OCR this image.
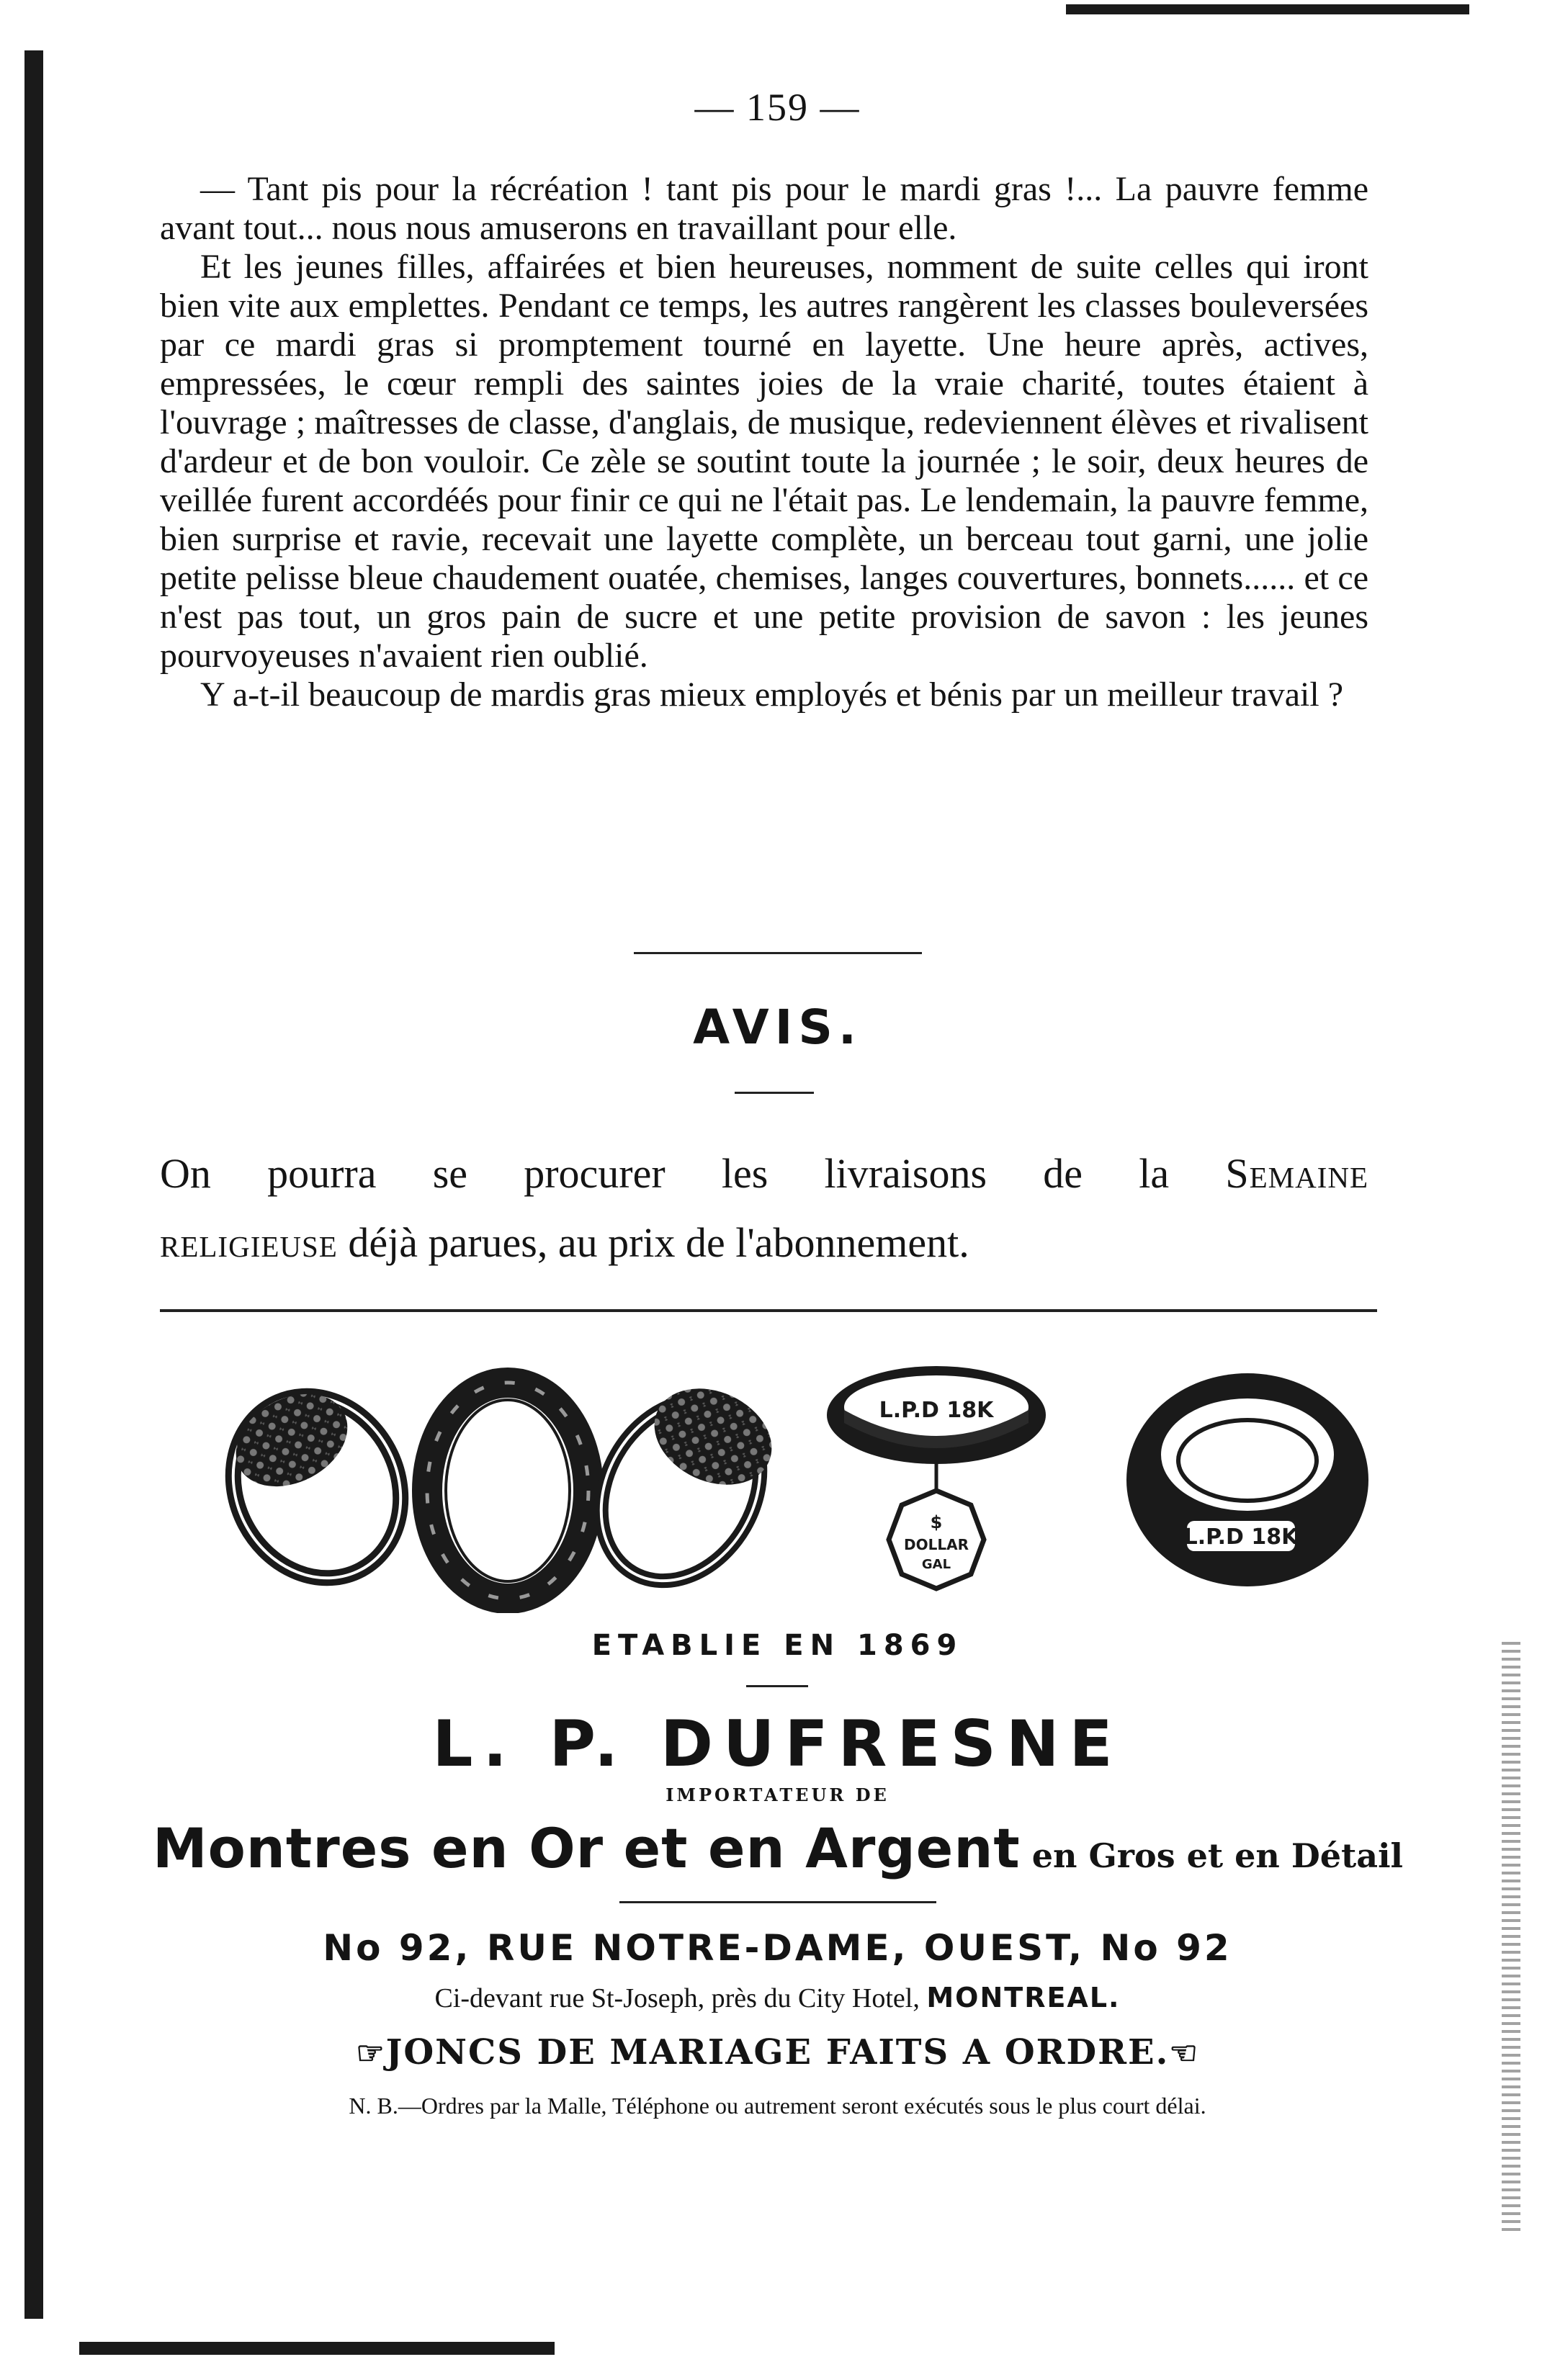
— 159 —

— Tant pis pour la récréation ! tant pis pour le mardi gras !... La pauvre femme avant tout... nous nous amuserons en travaillant pour elle.

Et les jeunes filles, affairées et bien heureuses, nomment de suite celles qui iront bien vite aux emplettes. Pendant ce temps, les autres rangèrent les classes bouleversées par ce mardi gras si promptement tourné en layette. Une heure après, actives, empressées, le cœur rempli des saintes joies de la vraie charité, toutes étaient à l'ouvrage ; maîtresses de classe, d'anglais, de musique, redeviennent élèves et rivalisent d'ardeur et de bon vouloir. Ce zèle se soutint toute la journée ; le soir, deux heures de veillée furent accordéés pour finir ce qui ne l'était pas. Le lendemain, la pauvre femme, bien surprise et ravie, recevait une layette complète, un berceau tout garni, une jolie petite pelisse bleue chaudement ouatée, chemises, langes couvertures, bonnets...... et ce n'est pas tout, un gros pain de sucre et une petite provision de savon : les jeunes pourvoyeuses n'avaient rien oublié.

Y a-t-il beaucoup de mardis gras mieux employés et bénis par un meilleur travail ?

AVIS.

On pourra se procurer les livraisons de la Semaine

religieuse déjà parues, au prix de l'abonnement.

L.P.D 18K
$
DOLLAR
GAL
L.P.D 18K
ETABLIE EN 1869
L. P. DUFRESNE
IMPORTATEUR DE
Montres en Or et en Argent en Gros et en Détail
No 92, RUE NOTRE-DAME, OUEST, No 92
Ci-devant rue St-Joseph, près du City Hotel, MONTREAL.
☞JONCS DE MARIAGE FAITS A ORDRE.☜
N. B.—Ordres par la Malle, Téléphone ou autrement seront exécutés sous le plus court délai.
